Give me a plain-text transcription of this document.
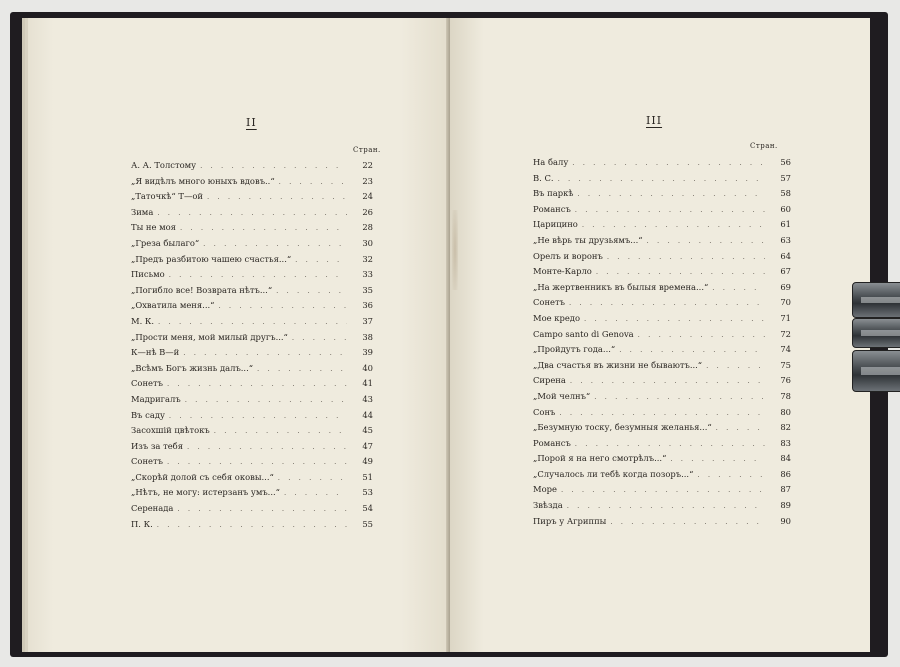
II
Стран.
А. А. Толстому . . .	22
„Я видѣлъ много юныхъ вдовъ..“ . . .	23
„Таточкѣ“ Т—ой . . .	24
Зима . . .	26
Ты не моя . . .	28
„Греза былаго“ . . .	30
„Предъ разбитою чашею счастья...“ . . .	32
Письмо . . .	33
„Погибло все! Возврата нѣтъ...“ . . .	35
„Охватила меня...“ . . .	36
М. К. . . .	37
„Прости меня, мой милый другъ...“ . . .	38
К—нѣ В—й . . .	39
„Всѣмъ Богъ жизнь далъ...“ . . .	40
Сонетъ . . .	41
Мадригалъ . . .	43
Въ саду . . .	44
Засохшій цвѣтокъ . . .	45
Изъ за тебя . . .	47
Сонетъ . . .	49
„Скорѣй долой съ себя оковы...“ . . .	51
„Нѣтъ, не могу: истерзанъ умъ...“ . . .	53
Серенада . . .	54
П. К. . . .	55
III
Стран.
На балу . . .	56
В. С. . . .	57
Въ паркѣ . . .	58
Романсъ . . .	60
Царицино . . .	61
„Не вѣрь ты друзьямъ...“ . . .	63
Орелъ и воронъ . . .	64
Монте-Карло . . .	67
„На жертвенникъ въ былыя времена...“ . . .	69
Сонетъ . . .	70
Мое кредо . . .	71
Campo santo di Genova . . .	72
„Пройдутъ года...“ . . .	74
„Два счастья въ жизни не бываютъ...“ . . .	75
Сирена . . .	76
„Мой челнъ“ . . .	78
Сонъ . . .	80
„Безумную тоску, безумныя желанья...“ . . .	82
Романсъ . . .	83
„Порой я на него смотрѣлъ...“ . . .	84
„Случалось ли тебѣ когда позоръ...“ . . .	86
Море . . .	87
Звѣзда . . .	89
Пиръ у Агриппы . . .	90
